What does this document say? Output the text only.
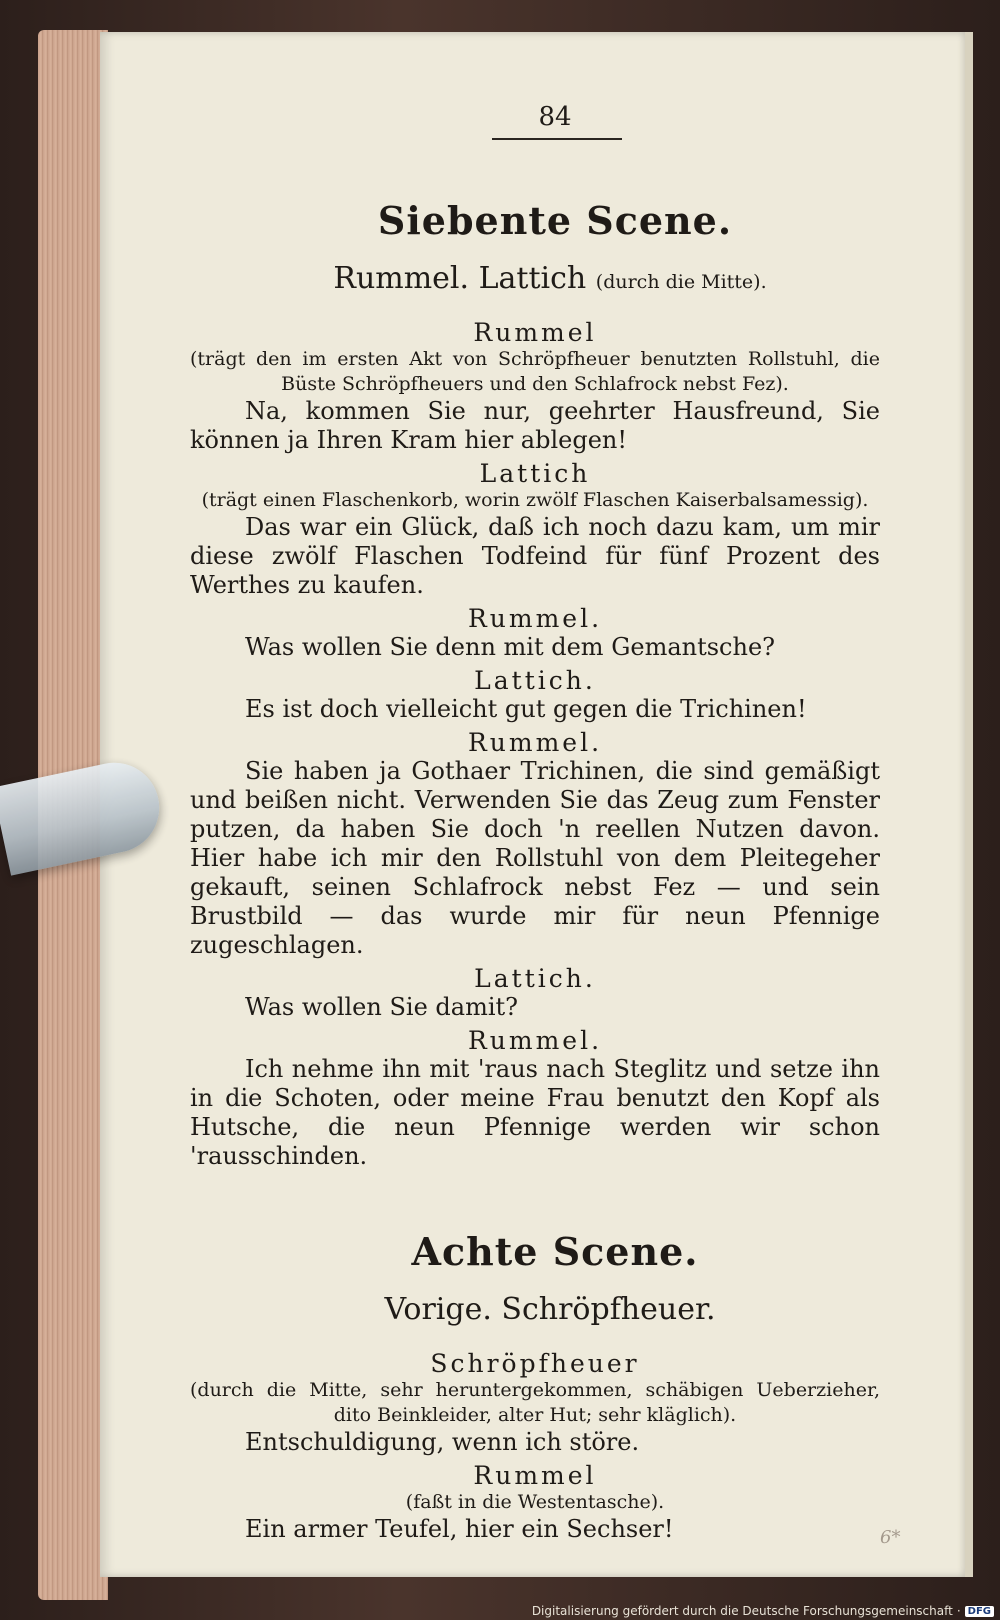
84
Siebente Scene.
Rummel. Lattich (durch die Mitte).
Rummel
(trägt den im ersten Akt von Schröpfheuer benutzten Rollstuhl, die Büste Schröpfheuers und den Schlafrock nebst Fez).
Na, kommen Sie nur, geehrter Hausfreund, Sie können ja Ihren Kram hier ablegen!
Lattich
(trägt einen Flaschenkorb, worin zwölf Flaschen Kaiserbalsamessig).
Das war ein Glück, daß ich noch dazu kam, um mir diese zwölf Flaschen Todfeind für fünf Prozent des Werthes zu kaufen.
Rummel.
Was wollen Sie denn mit dem Gemantsche?
Lattich.
Es ist doch vielleicht gut gegen die Trichinen!
Rummel.
Sie haben ja Gothaer Trichinen, die sind gemäßigt und beißen nicht. Verwenden Sie das Zeug zum Fenster putzen, da haben Sie doch 'n reellen Nutzen davon. Hier habe ich mir den Rollstuhl von dem Pleitegeher gekauft, seinen Schlafrock nebst Fez — und sein Brustbild — das wurde mir für neun Pfennige zugeschlagen.
Lattich.
Was wollen Sie damit?
Rummel.
Ich nehme ihn mit 'raus nach Steglitz und setze ihn in die Schoten, oder meine Frau benutzt den Kopf als Hutsche, die neun Pfennige werden wir schon 'rausschinden.
Achte Scene.
Vorige. Schröpfheuer.
Schröpfheuer
(durch die Mitte, sehr heruntergekommen, schäbigen Ueberzieher, dito Beinkleider, alter Hut; sehr kläglich).
Entschuldigung, wenn ich störe.
Rummel
(faßt in die Westentasche).
Ein armer Teufel, hier ein Sechser!	6*
Digitalisierung gefördert durch die Deutsche Forschungsgemeinschaft · DFG
